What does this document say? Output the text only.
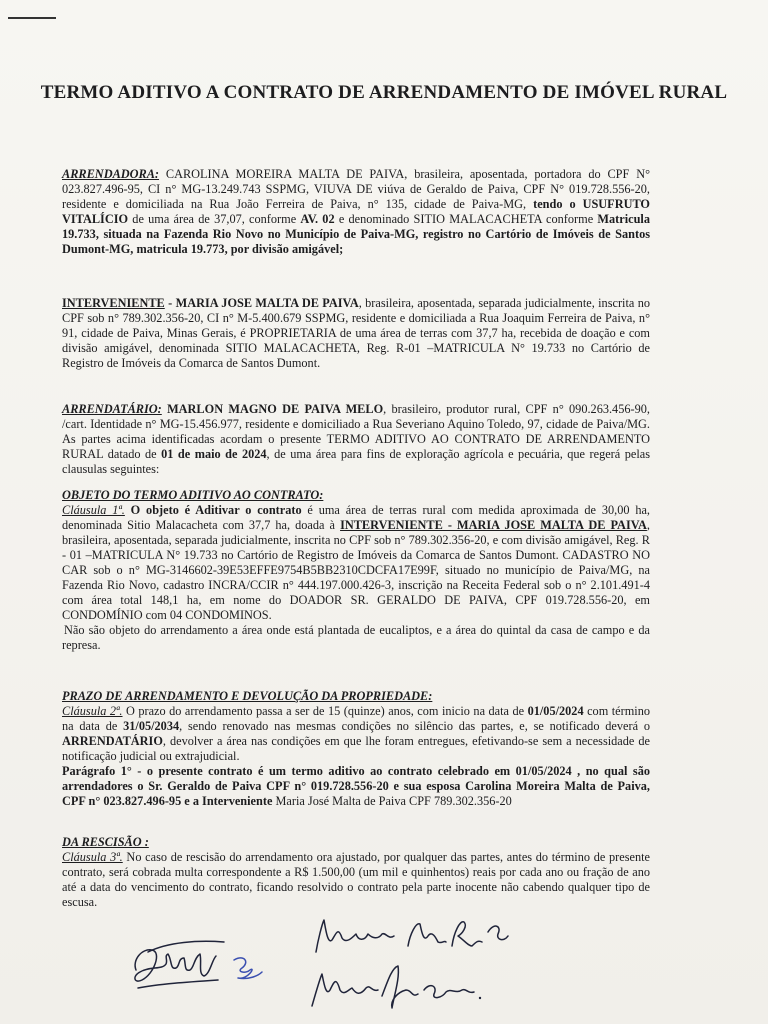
TERMO ADITIVO A CONTRATO DE ARRENDAMENTO DE IMÓVEL RURAL

ARRENDADORA: CAROLINA MOREIRA MALTA DE PAIVA, brasileira, aposentada, portadora do CPF N° 023.827.496-95, CI n° MG-13.249.743 SSPMG, VIUVA DE viúva de Geraldo de Paiva, CPF N° 019.728.556-20, residente e domiciliada na Rua João Ferreira de Paiva, n° 135, cidade de Paiva-MG, tendo o USUFRUTO VITALÍCIO de uma área de 37,07, conforme AV. 02 e denominado SITIO MALACACHETA conforme Matricula 19.733, situada na Fazenda Rio Novo no Município de Paiva-MG, registro no Cartório de Imóveis de Santos Dumont-MG, matricula 19.773, por divisão amigável;

INTERVENIENTE - MARIA JOSE MALTA DE PAIVA, brasileira, aposentada, separada judicialmente, inscrita no CPF sob n° 789.302.356-20, CI n° M-5.400.679 SSPMG, residente e domiciliada a Rua Joaquim Ferreira de Paiva, n° 91, cidade de Paiva, Minas Gerais, é PROPRIETARIA de uma área de terras com 37,7 ha, recebida de doação e com divisão amigável, denominada SITIO MALACACHETA, Reg. R-01 –MATRICULA N° 19.733 no Cartório de Registro de Imóveis da Comarca de Santos Dumont.

ARRENDATÁRIO: MARLON MAGNO DE PAIVA MELO, brasileiro, produtor rural, CPF n° 090.263.456-90, /cart. Identidade n° MG-15.456.977, residente e domiciliado a Rua Severiano Aquino Toledo, 97, cidade de Paiva/MG. As partes acima identificadas acordam o presente TERMO ADITIVO AO CONTRATO DE ARRENDAMENTO RURAL datado de 01 de maio de 2024, de uma área para fins de exploração agrícola e pecuária, que regerá pelas clausulas seguintes:

OBJETO DO TERMO ADITIVO AO CONTRATO:

Cláusula 1ª. O objeto é Aditivar o contrato é uma área de terras rural com medida aproximada de 30,00 ha, denominada Sitio Malacacheta com 37,7 ha, doada à INTERVENIENTE - MARIA JOSE MALTA DE PAIVA, brasileira, aposentada, separada judicialmente, inscrita no CPF sob n° 789.302.356-20, e com divisão amigável, Reg. R - 01 –MATRICULA N° 19.733 no Cartório de Registro de Imóveis da Comarca de Santos Dumont. CADASTRO NO CAR sob o n° MG-3146602-39E53EFFE9754B5BB2310CDCFA17E99F, situado no município de Paiva/MG, na Fazenda Rio Novo, cadastro INCRA/CCIR n° 444.197.000.426-3, inscrição na Receita Federal sob o n° 2.101.491-4 com área total 148,1 ha, em nome do DOADOR SR. GERALDO DE PAIVA, CPF 019.728.556-20, em CONDOMÍNIO com 04 CONDOMINOS.

Não são objeto do arrendamento a área onde está plantada de eucaliptos, e a área do quintal da casa de campo e da represa.

PRAZO DE ARRENDAMENTO E DEVOLUÇÃO DA PROPRIEDADE:

Cláusula 2ª. O prazo do arrendamento passa a ser de 15 (quinze) anos, com inicio na data de 01/05/2024 com término na data de 31/05/2034, sendo renovado nas mesmas condições no silêncio das partes, e, se notificado deverá o ARRENDATÁRIO, devolver a área nas condições em que lhe foram entregues, efetivando-se sem a necessidade de notificação judicial ou extrajudicial.

Parágrafo 1° - o presente contrato é um termo aditivo ao contrato celebrado em 01/05/2024 , no qual são arrendadores o Sr. Geraldo de Paiva CPF n° 019.728.556-20 e sua esposa Carolina Moreira Malta de Paiva, CPF n° 023.827.496-95 e a Interveniente Maria José Malta de Paiva CPF 789.302.356-20

DA RESCISÃO :

Cláusula 3ª. No caso de rescisão do arrendamento ora ajustado, por qualquer das partes, antes do término de presente contrato, será cobrada multa correspondente a R$ 1.500,00 (um mil e quinhentos) reais por cada ano ou fração de ano até a data do vencimento do contrato, ficando resolvido o contrato pela parte inocente não cabendo qualquer tipo de escusa.
